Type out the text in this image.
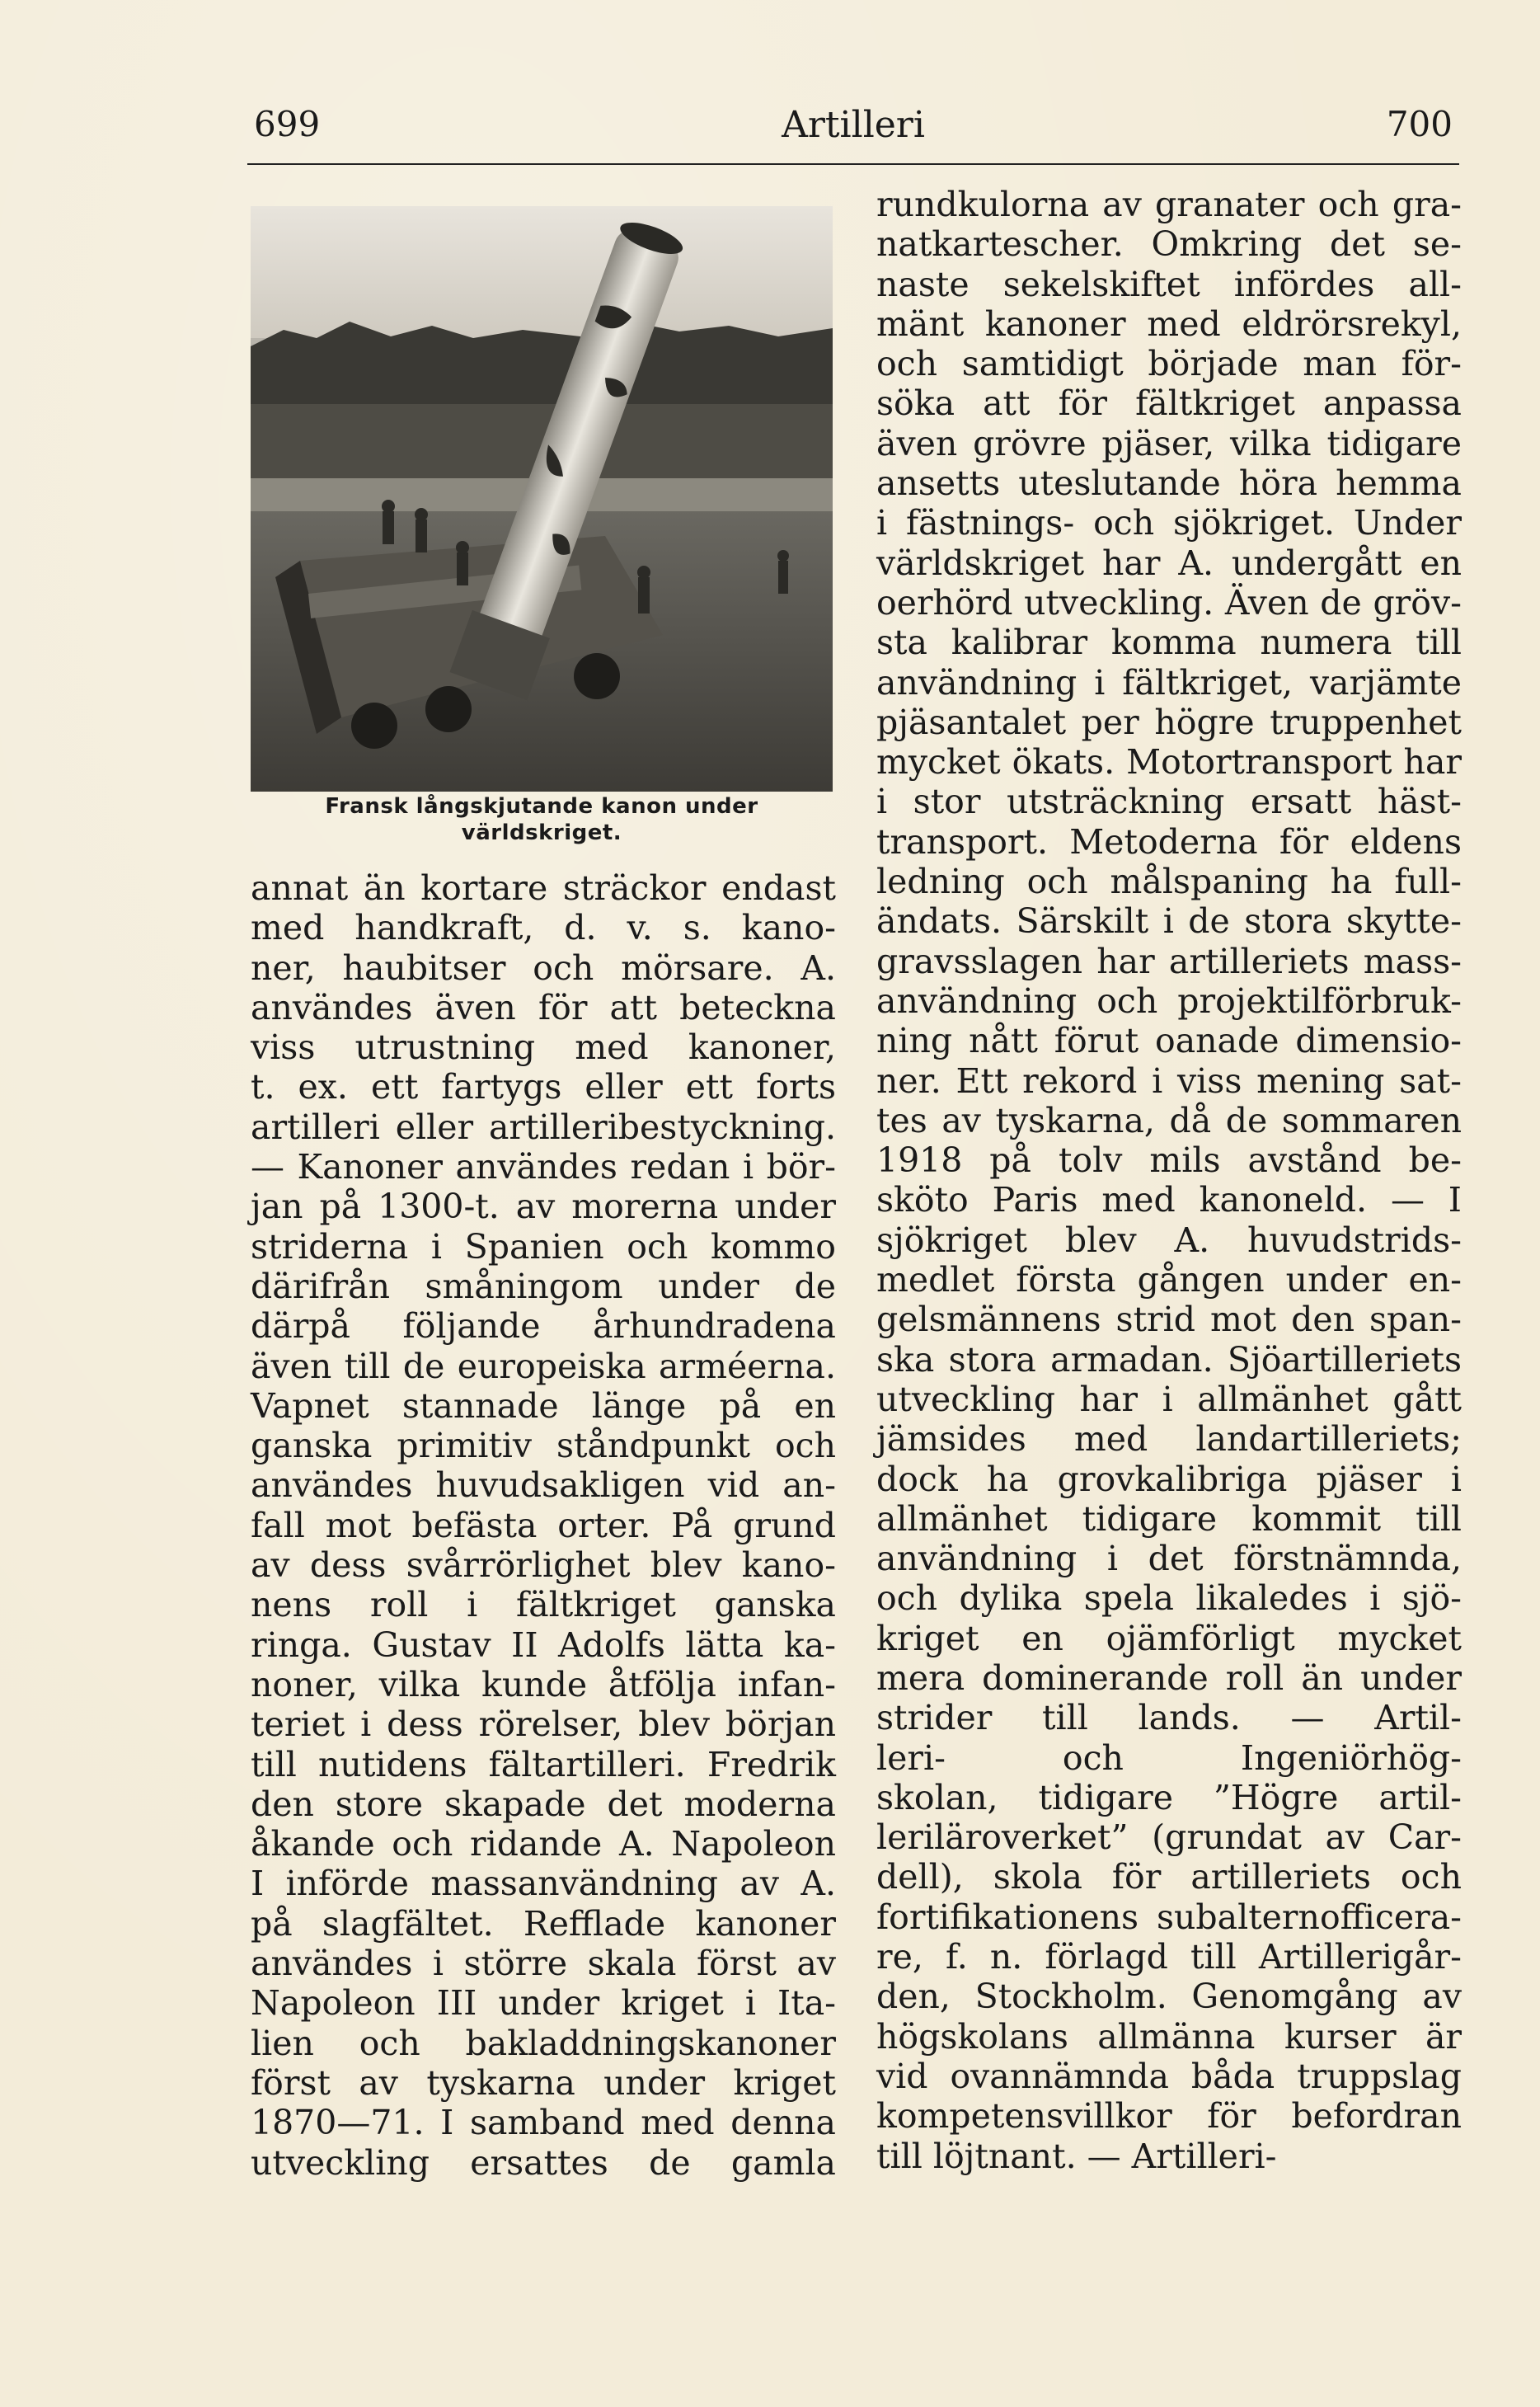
699	Artilleri	700
Fransk långskjutande kanon under världskriget.

annat än kortare sträckor endast

med handkraft, d. v. s. kano-

ner, haubitser och mörsare. A.

användes även för att beteckna

viss utrustning med kanoner,

t. ex. ett fartygs eller ett forts

artilleri eller artilleribestyckning.

— Kanoner användes redan i bör-

jan på 1300-t. av morerna under

striderna i Spanien och kommo

därifrån småningom under de

därpå följande århundradena

även till de europeiska arméerna.

Vapnet stannade länge på en

ganska primitiv ståndpunkt och

användes huvudsakligen vid an-

fall mot befästa orter. På grund

av dess svårrörlighet blev kano-

nens roll i fältkriget ganska

ringa. Gustav II Adolfs lätta ka-

noner, vilka kunde åtfölja infan-

teriet i dess rörelser, blev början

till nutidens fältartilleri. Fredrik

den store skapade det moderna

åkande och ridande A. Napoleon

I införde massanvändning av A.

på slagfältet. Refflade kanoner

användes i större skala först av

Napoleon III under kriget i Ita-

lien och bakladdningskanoner

först av tyskarna under kriget

1870—71. I samband med denna

utveckling ersattes de gamla

rundkulorna av granater och gra-

natkartescher. Omkring det se-

naste sekelskiftet infördes all-

mänt kanoner med eldrörsrekyl,

och samtidigt började man för-

söka att för fältkriget anpassa

även grövre pjäser, vilka tidigare

ansetts uteslutande höra hemma

i fästnings- och sjökriget. Under

världskriget har A. undergått en

oerhörd utveckling. Även de gröv-

sta kalibrar komma numera till

användning i fältkriget, varjämte

pjäsantalet per högre truppenhet

mycket ökats. Motortransport har

i stor utsträckning ersatt häst-

transport. Metoderna för eldens

ledning och målspaning ha full-

ändats. Särskilt i de stora skytte-

gravsslagen har artilleriets mass-

användning och projektilförbruk-

ning nått förut oanade dimensio-

ner. Ett rekord i viss mening sat-

tes av tyskarna, då de sommaren

1918 på tolv mils avstånd be-

sköto Paris med kanoneld. — I

sjökriget blev A. huvudstrids-

medlet första gången under en-

gelsmännens strid mot den span-

ska stora armadan. Sjöartilleriets

utveckling har i allmänhet gått

jämsides med landartilleriets;

dock ha grovkalibriga pjäser i

allmänhet tidigare kommit till

användning i det förstnämnda,

och dylika spela likaledes i sjö-

kriget en ojämförligt mycket

mera dominerande roll än under

strider till lands. — Artil-

leri- och Ingeniörhög-

skolan, tidigare ”Högre artil-

leriläroverket” (grundat av Car-

dell), skola för artilleriets och

fortifikationens subalternofficera-

re, f. n. förlagd till Artillerigår-

den, Stockholm. Genomgång av

högskolans allmänna kurser är

vid ovannämnda båda truppslag

kompetensvillkor för befordran

till löjtnant. — Artilleri-
